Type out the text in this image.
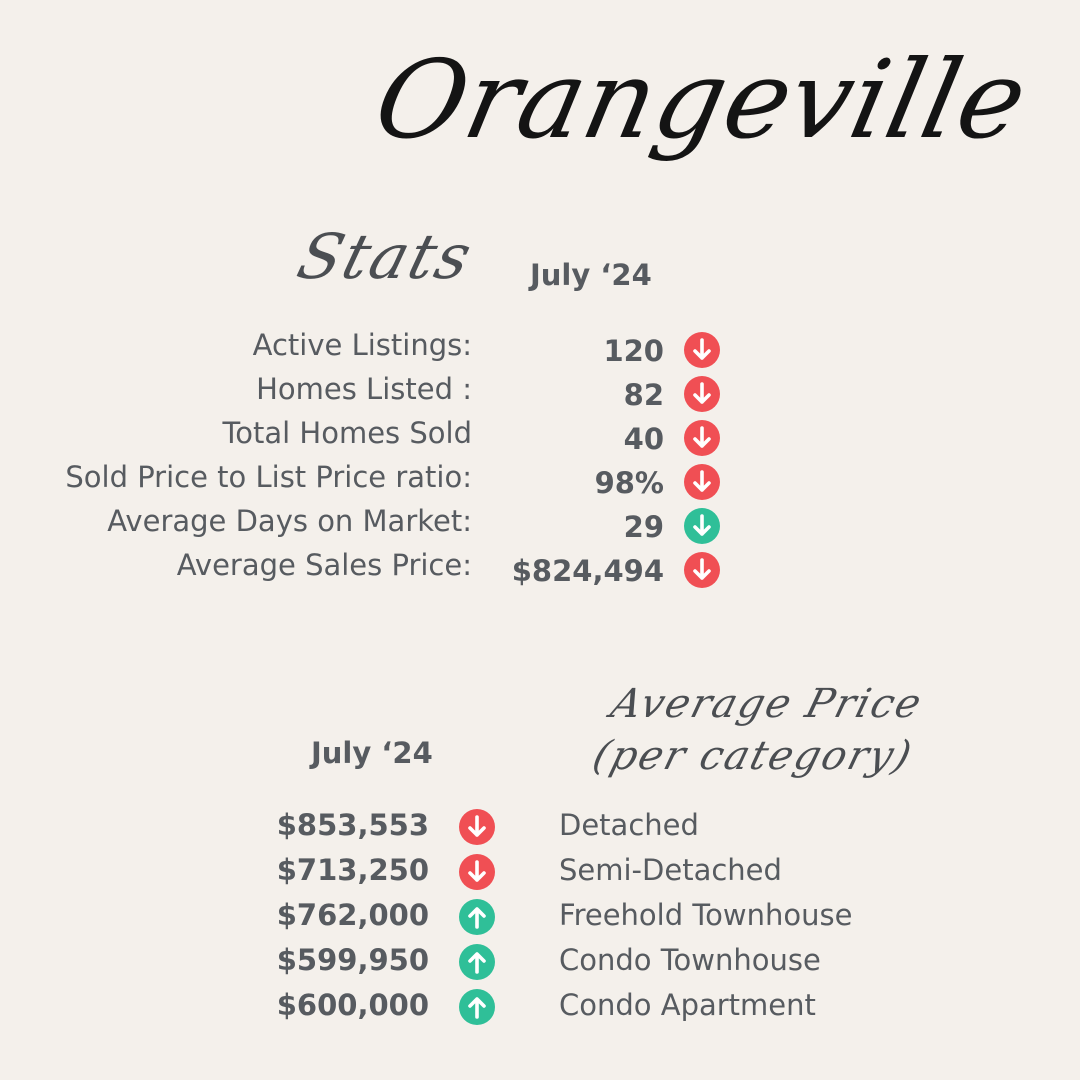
Orangeville
Stats July ‘24
Active Listings:	120
Homes Listed :	82
Total Homes Sold	40
Sold Price to List Price ratio:	98%
Average Days on Market:	29
Average Sales Price: $824,494
Average Price
(per category)
July ‘24
$853,553	Detached
$713,250	Semi-Detached
$762,000	Freehold Townhouse
$599,950	Condo Townhouse
$600,000	Condo Apartment
